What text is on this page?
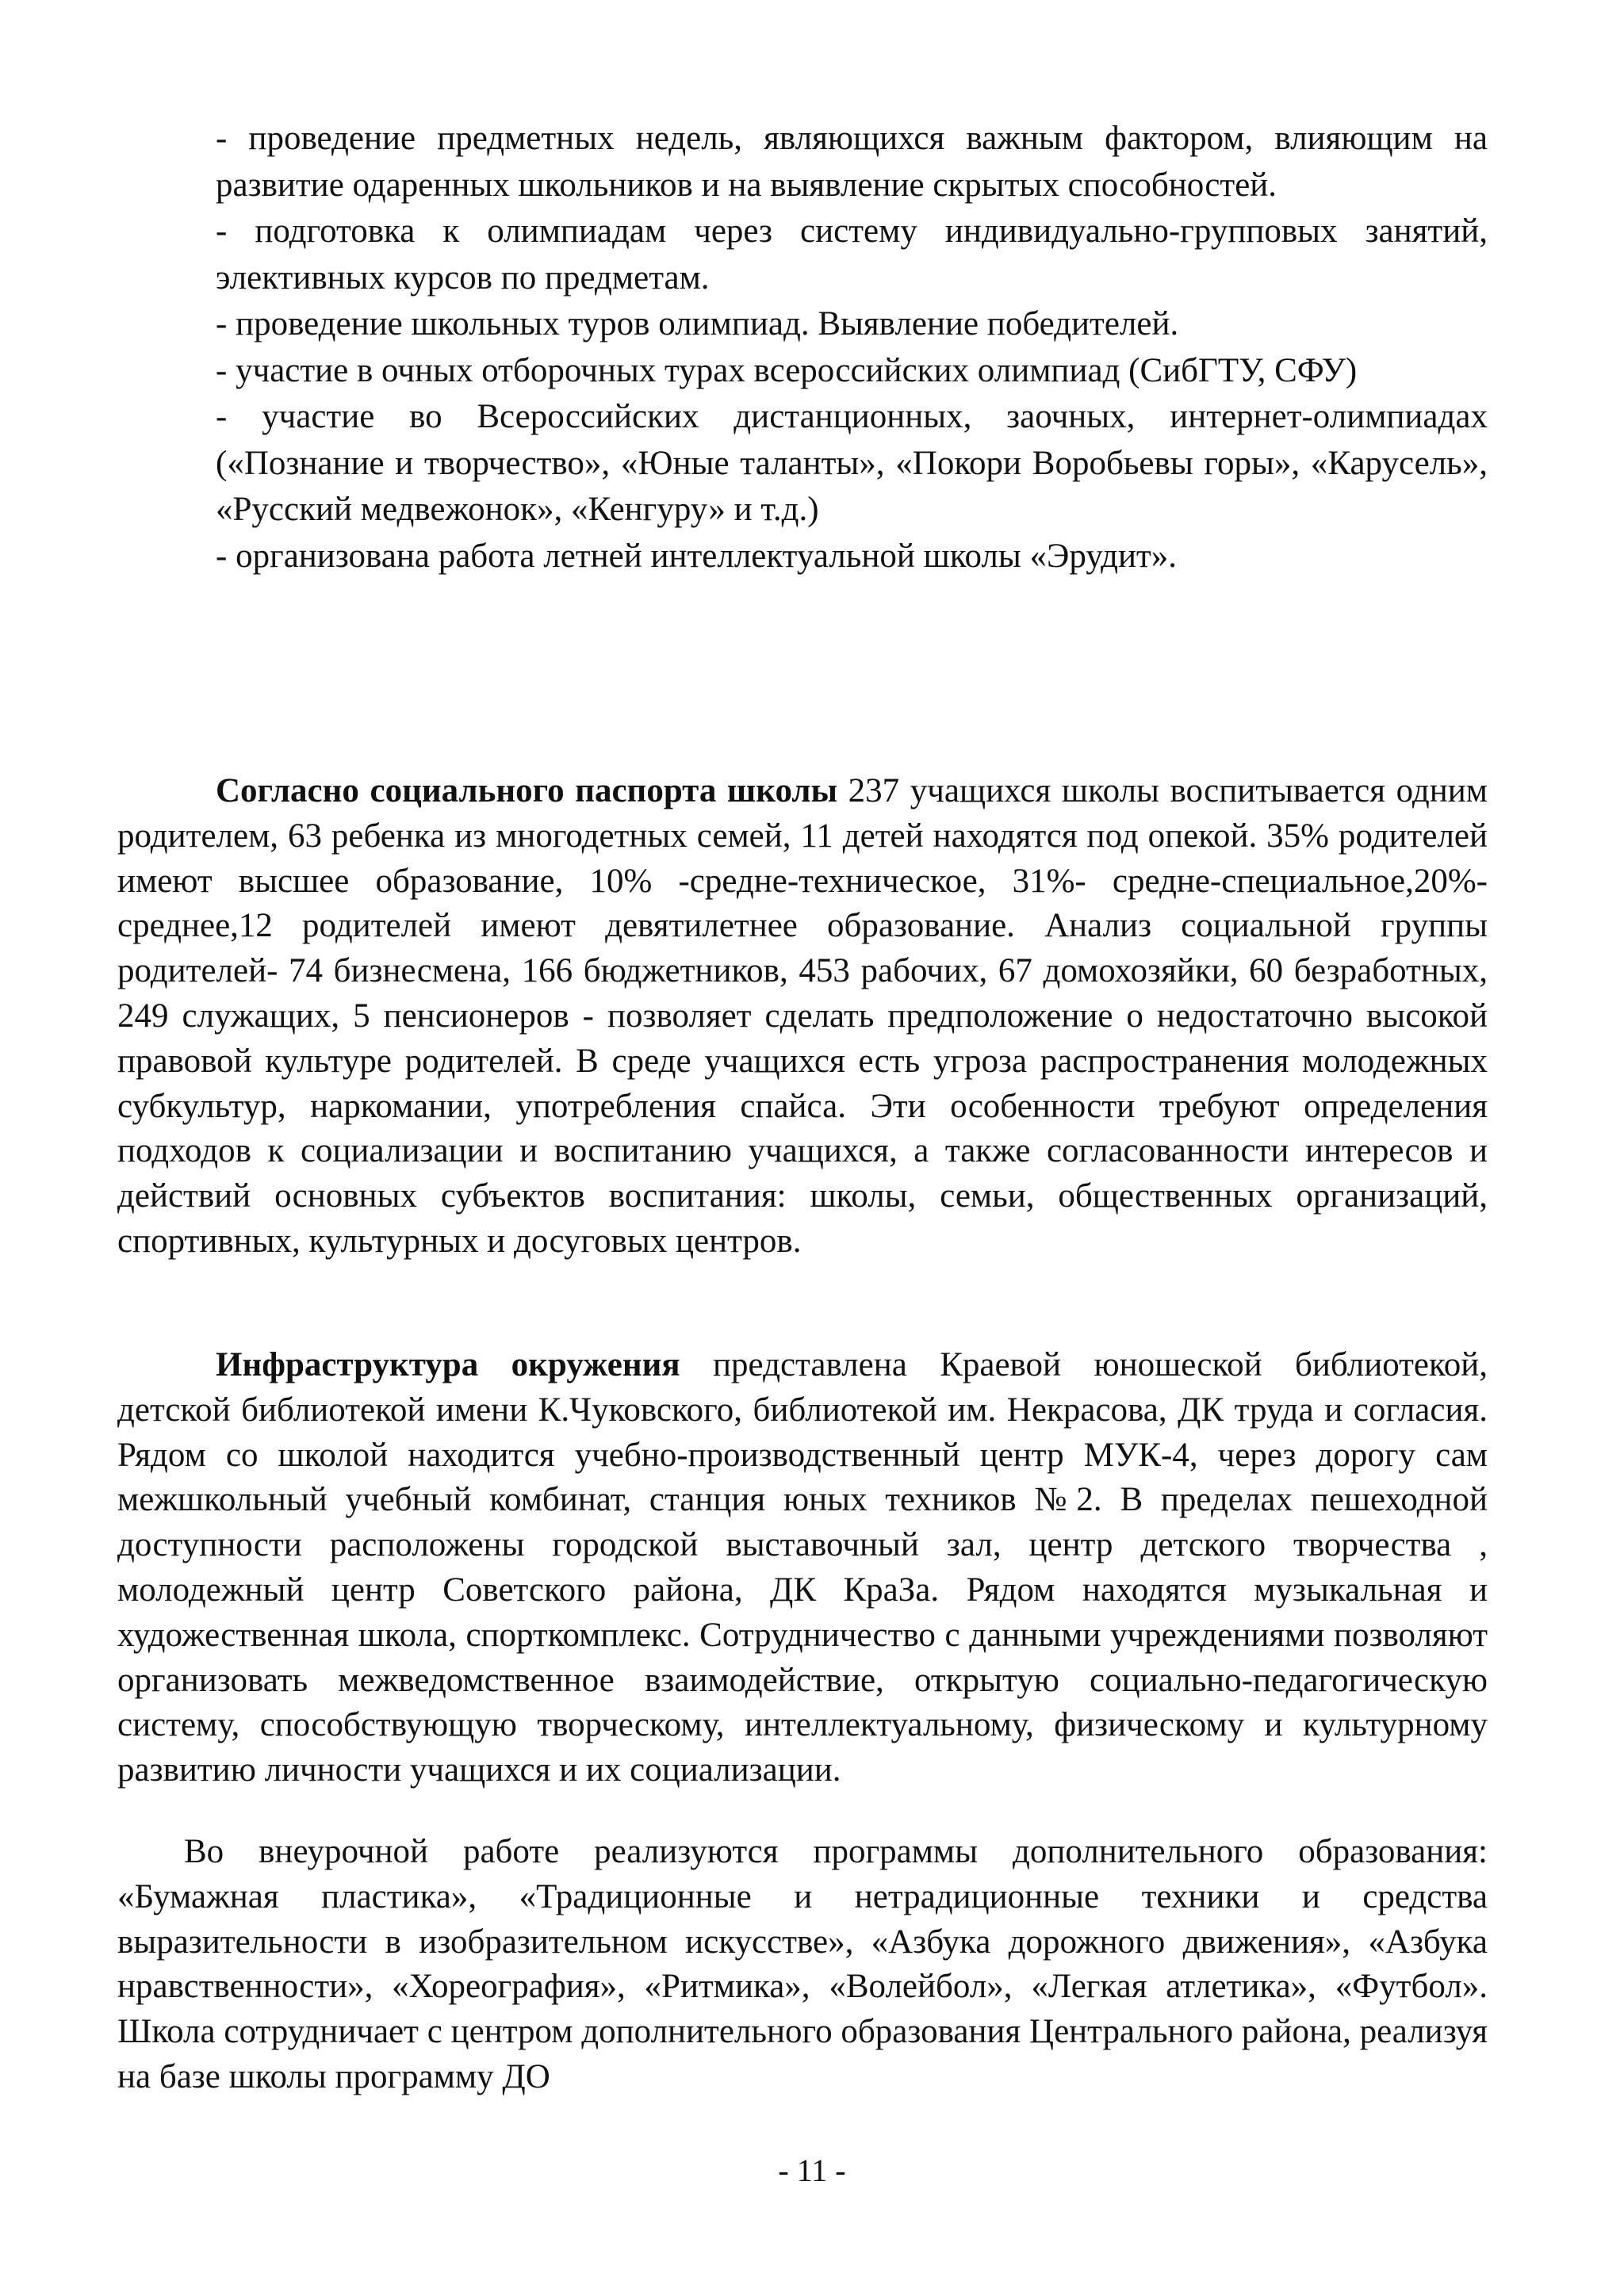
- проведение предметных недель, являющихся важным фактором, влияющим на развитие одаренных школьников и на выявление скрытых способностей.

- подготовка к олимпиадам через систему индивидуально-групповых занятий, элективных курсов по предметам.

- проведение школьных туров олимпиад. Выявление победителей.

- участие в очных отборочных турах всероссийских олимпиад (СибГТУ, СФУ)

- участие во Всероссийских дистанционных, заочных, интернет-олимпиадах («Познание и творчество», «Юные таланты», «Покори Воробьевы горы», «Карусель», «Русский медвежонок», «Кенгуру» и т.д.)

- организована работа летней интеллектуальной школы «Эрудит».

Согласно социального паспорта школы 237 учащихся школы воспитывается одним родителем, 63 ребенка из многодетных семей, 11 детей находятся под опекой. 35% родителей имеют высшее образование, 10% -средне-техническое, 31%- средне-специальное,20%- среднее,12 родителей имеют девятилетнее образование. Анализ социальной группы родителей- 74 бизнесмена, 166 бюджетников, 453 рабочих, 67 домохозяйки, 60 безработных, 249 служащих, 5 пенсионеров - позволяет сделать предположение о недостаточно высокой правовой культуре родителей. В среде учащихся есть угроза распространения молодежных субкультур, наркомании, употребления спайса. Эти особенности требуют определения подходов к социализации и воспитанию учащихся, а также согласованности интересов и действий основных субъектов воспитания: школы, семьи, общественных организаций, спортивных, культурных и досуговых центров.

Инфраструктура окружения представлена Краевой юношеской библиотекой, детской библиотекой имени К.Чуковского, библиотекой им. Некрасова, ДК труда и согласия. Рядом со школой находится учебно-производственный центр МУК-4, через дорогу сам межшкольный учебный комбинат, станция юных техников №2. В пределах пешеходной доступности расположены городской выставочный зал, центр детского творчества , молодежный центр Советского района, ДК КраЗа. Рядом находятся музыкальная и художественная школа, спорткомплекс. Сотрудничество с данными учреждениями позволяют организовать межведомственное взаимодействие, открытую социально-педагогическую систему, способствующую творческому, интеллектуальному, физическому и культурному развитию личности учащихся и их социализации.

Во внеурочной работе реализуются программы дополнительного образования: «Бумажная пластика», «Традиционные и нетрадиционные техники и средства выразительности в изобразительном искусстве», «Азбука дорожного движения», «Азбука нравственности», «Хореография», «Ритмика», «Волейбол», «Легкая атлетика», «Футбол». Школа сотрудничает с центром дополнительного образования Центрального района, реализуя на базе школы программу ДО

- 11 -
